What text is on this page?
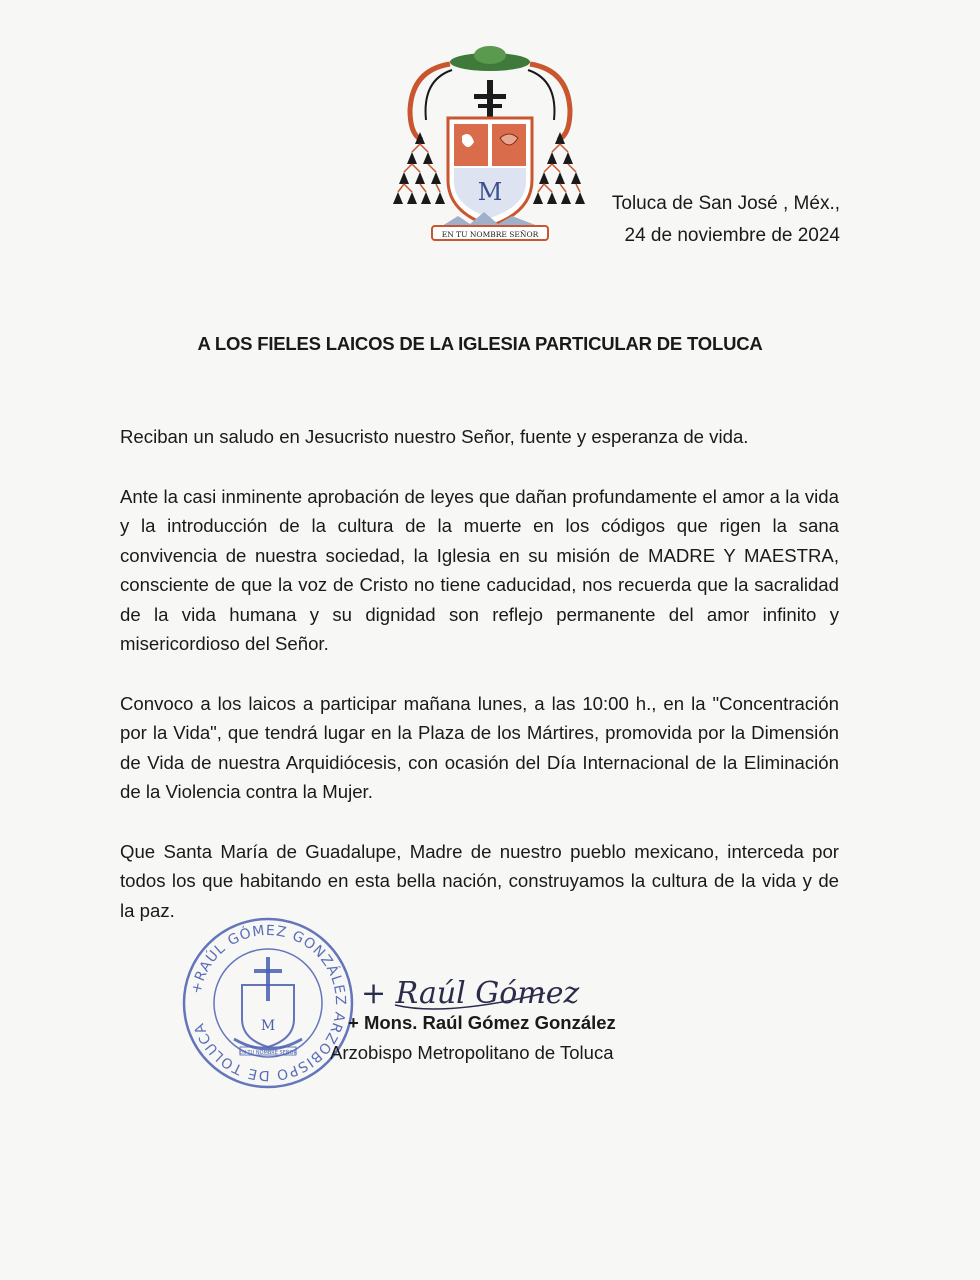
M
EN TU NOMBRE SEÑOR
Toluca de San José , Méx.,
24 de noviembre de 2024
A LOS FIELES LAICOS DE LA IGLESIA PARTICULAR DE TOLUCA

Reciban un saludo en Jesucristo nuestro Señor, fuente y esperanza de vida.

Ante la casi inminente aprobación de leyes que dañan profundamente el amor a la vida y la introducción de la cultura de la muerte en los códigos que rigen la sana convivencia de nuestra sociedad, la Iglesia en su misión de MADRE Y MAESTRA, consciente de que la voz de Cristo no tiene caducidad, nos recuerda que la sacralidad de la vida humana y su dignidad son reflejo permanente del amor infinito y misericordioso del Señor.

Convoco a los laicos a participar mañana lunes, a las 10:00 h., en la "Concentración por la Vida", que tendrá lugar en la Plaza de los Mártires, promovida por la Dimensión de Vida de nuestra Arquidiócesis, con ocasión del Día Internacional de la Eliminación de la Violencia contra la Mujer.

Que Santa María de Guadalupe, Madre de nuestro pueblo mexicano, interceda por todos los que habitando en esta bella nación, construyamos la cultura de la vida y de la paz.

+RAÚL GÓMEZ GONZÁLEZ ARZOBISPO DE TOLUCA	M
EN TU NOMBRE SEÑOR
+ Raúl Gómez
+ Mons. Raúl Gómez González
Arzobispo Metropolitano de Toluca
